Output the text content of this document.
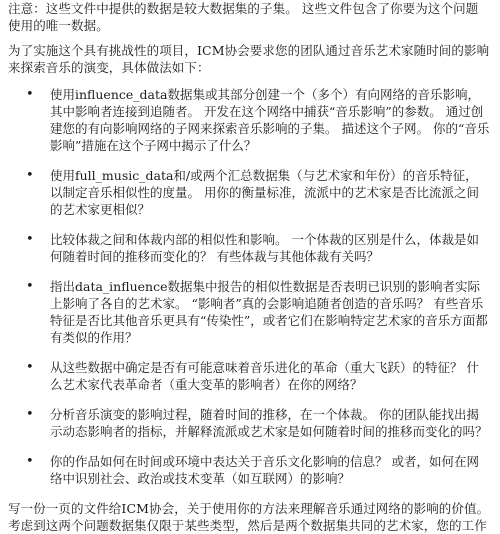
注意：这些文件中提供的数据是较大数据集的子集。 这些文件包含了你要为这个问题使用的唯一数据。

为了实施这个具有挑战性的项目，ICM协会要求您的团队通过音乐艺术家随时间的影响来探索音乐的演变，具体做法如下：

• 使用influence_data数据集或其部分创建一个（多个）有向网络的音乐影响，其中影响者连接到追随者。 开发在这个网络中捕获“音乐影响”的参数。 通过创建您的有向影响网络的子网来探索音乐影响的子集。 描述这个子网。 你的“音乐影响”措施在这个子网中揭示了什么？
• 使用full_music_data和/或两个汇总数据集（与艺术家和年份）的音乐特征，以制定音乐相似性的度量。 用你的衡量标准，流派中的艺术家是否比流派之间的艺术家更相似？
• 比较体裁之间和体裁内部的相似性和影响。 一个体裁的区别是什么，体裁是如何随着时间的推移而变化的？ 有些体裁与其他体裁有关吗？
• 指出data_influence数据集中报告的相似性数据是否表明已识别的影响者实际上影响了各自的艺术家。 “影响者”真的会影响追随者创造的音乐吗？ 有些音乐特征是否比其他音乐更具有“传染性”，或者它们在影响特定艺术家的音乐方面都有类似的作用？
• 从这些数据中确定是否有可能意味着音乐进化的革命（重大飞跃）的特征？ 什么艺术家代表革命者（重大变革的影响者）在你的网络？
• 分析音乐演变的影响过程，随着时间的推移，在一个体裁。 你的团队能找出揭示动态影响者的指标，并解释流派或艺术家是如何随着时间的推移而变化的吗？
• 你的作品如何在时间或环境中表达关于音乐文化影响的信息？ 或者，如何在网络中识别社会、政治或技术变革（如互联网）的影响？

写一份一页的文件给ICM协会，关于使用你的方法来理解音乐通过网络的影响的价值。

考虑到这两个问题数据集仅限于某些类型，然后是两个数据集共同的艺术家，您的工作
